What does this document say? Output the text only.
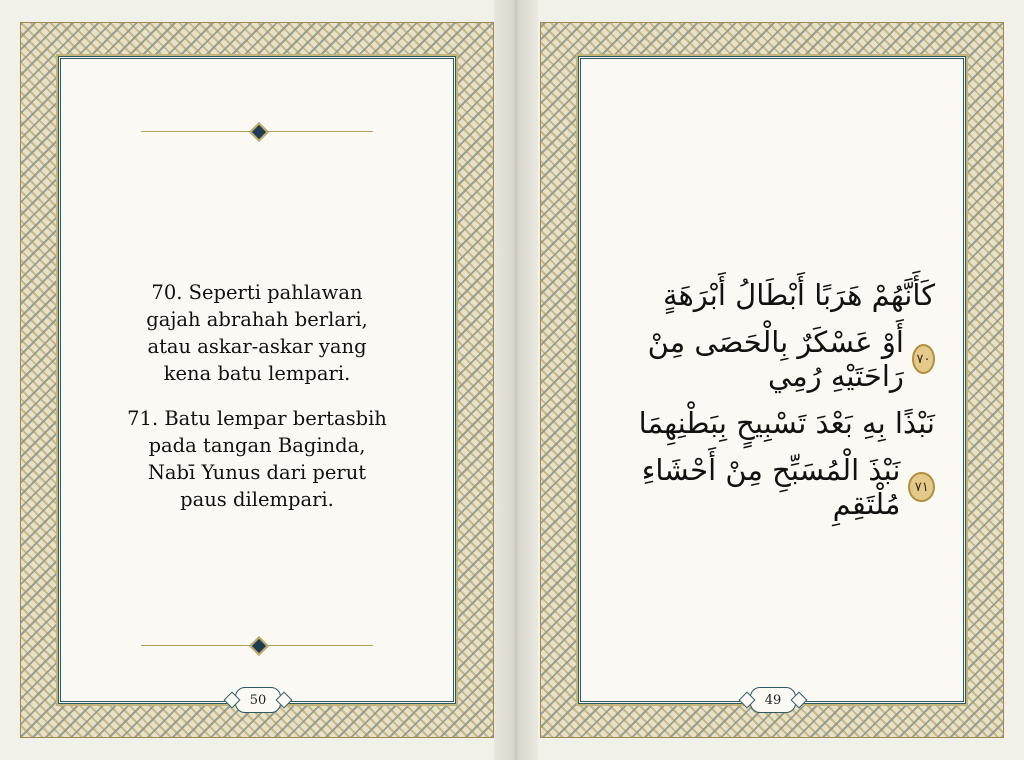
70. Seperti pahlawan
gajah abrahah berlari,
atau askar-askar yang
kena batu lempari.
71. Batu lempar bertasbih
pada tangan Baginda,
Nabī Yunus dari perut
paus dilempari.
50
كَأَنَّهُمْ هَرَبًا أَبْطَالُ أَبْرَهَةٍ
٧٠
أَوْ عَسْكَرٌ بِالْحَصَى مِنْ رَاحَتَيْهِ رُمِي
نَبْذًا بِهِ بَعْدَ تَسْبِيحٍ بِبَطْنِهِمَا
٧١
نَبْذَ الْمُسَبِّحِ مِنْ أَحْشَاءِ مُلْتَقِمِ
49
